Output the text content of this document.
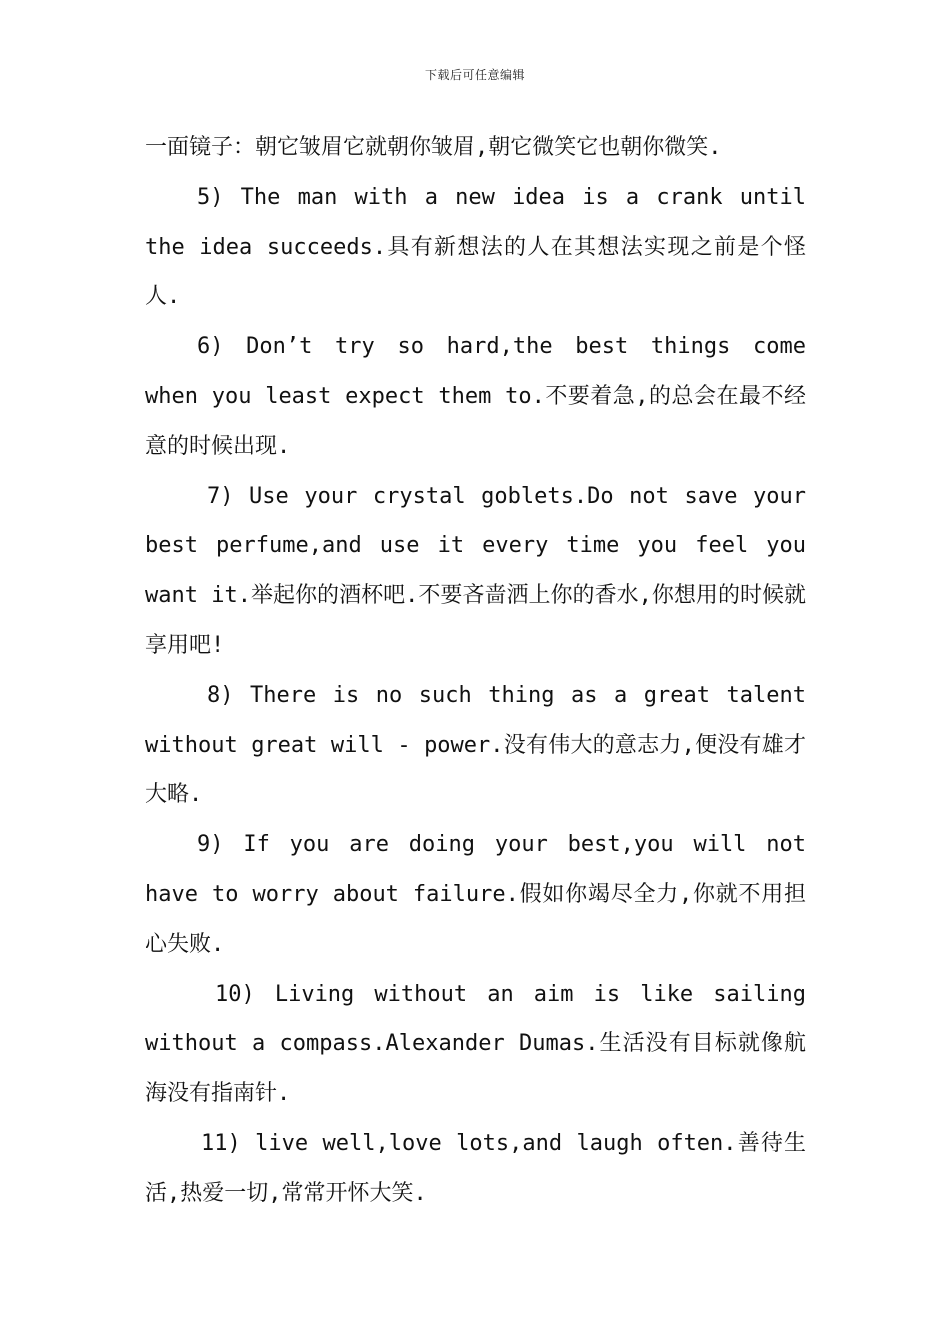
下载后可任意编辑

一面镜子：朝它皱眉它就朝你皱眉,朝它微笑它也朝你微笑.

5) The man with a new idea is a crank until the idea succeeds.具有新想法的人在其想法实现之前是个怪人.

6) Don’t try so hard,the best things come when you least expect them to.不要着急,的总会在最不经意的时候出现.

7) Use your crystal goblets.Do not save your best perfume,and use it every time you feel you want it.举起你的酒杯吧.不要吝啬洒上你的香水,你想用的时候就享用吧!

8) There is no such thing as a great talent without great will - power.没有伟大的意志力,便没有雄才大略.

9) If you are doing your best,you will not have to worry about failure.假如你竭尽全力,你就不用担心失败.

10) Living without an aim is like sailing without a compass.Alexander Dumas.生活没有目标就像航海没有指南针.

11) live well,love lots,and laugh often.善待生活,热爱一切,常常开怀大笑.
